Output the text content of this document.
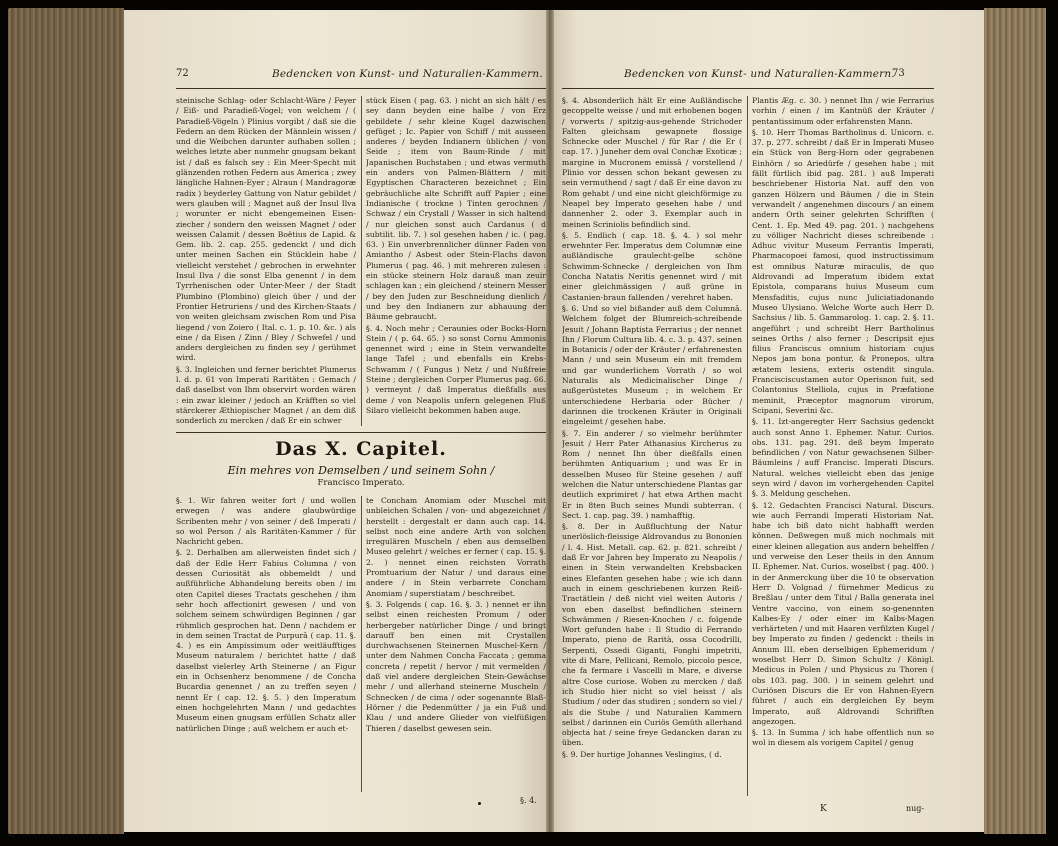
72	Bedencken von Kunst- und Naturalien-Kammern.

steinische Schlag- oder Schlacht-Wäre / Feyer / Eiß- und Paradieß-Vogel; von welchem / ( Paradieß-Vögeln ) Plinius vorgibt / daß sie die Federn an dem Rücken der Männlein wissen / und die Weibchen darunter aufhaben sollen ; welches letzte aber nunmehr gnugsam bekant ist / daß es falsch sey : Ein Meer-Specht mit glänzenden rothen Federn aus America ; zwey längliche Hahnen-Eyer ; Alraun ( Mandragoræ radix ) beyderley Gattung von Natur gebildet / wers glauben will ; Magnet auß der Insul Ilva ; worunter er nicht ebengemeinen Eisen-ziecher / sondern den weissen Magnet / oder weissen Calamit / dessen Boëtius de Lapid. & Gem. lib. 2. cap. 255. gedenckt / und dich unter meinen Sachen ein Stücklein habe / vielleicht verstehet / gebrochen in erwehnter Insul Ilva / die sonst Elba genennt / in dem Tyrrhenischen oder Unter-Meer / der Stadt Plumbino (Plombino) gleich über / und der Frontier Hetruriens / und des Kirchen-Staats / von weiten gleichsam zwischen Rom und Pisa liegend / von Zoiero ( Ital. c. 1. p. 10. &c. ) als eine / da Eisen / Zinn / Bley / Schwefel / und anders dergleichen zu finden sey / gerühmet wird.

§. 3. Ingleichen und ferner berichtet Plumerus l. d. p. 61 von Imperati Raritäten : Gemach / daß daselbst von Ihm observirt worden wären : ein zwar kleiner / jedoch an Kräfften so viel stärckerer Æthiopischer Magnet / an dem diß sonderlich zu mercken / daß Er ein schwer

stück Eisen ( pag. 63. ) nicht an sich hält / es sey dann beyden eine halbe / von Erz gebildete / sehr kleine Kugel dazwischen gefüget ; Ic. Papier von Schiff / mit ausseen anderes / beyden Indianern üblichen / von Seide ; item von Baum-Rinde / mit Japanischen Buchstaben ; und etwas vermuth ein anders von Palmen-Blättern / mit Egyptischen Characteren bezeichnet ; Ein gebräuchliche alte Schrifft auff Papier ; eine Indianische ( trockne ) Tinten gerochnen / Schwaz / ein Crystall / Wasser in sich haltend / nur gleichen sonst auch Cardanus ( d subtilit. lib. 7. ) sol gesehen haben / ic. ( pag. 63. ) Ein unverbrennlicher dünner Faden von Amiantho / Asbest oder Stein-Flachs davon Plumerus ( pag. 46. ) mit mehreren zulesen : ein stücke steinern Holz darauß man zeuir schlagen kan ; ein gleichend / steinern Messer / bey den Juden zur Beschneidung dienlich / und bey den Indianern zur abhauung der Bäume gebraucht.

§. 4. Noch mehr ; Ceraunies oder Bocks-Horn Stein / ( p. 64. 65. ) so sonst Cornu Ammonis genennet wird ; eine in Stein verwandelte lange Tafel ; und ebenfalls ein Krebs-Schwamm / ( Fungus ) Netz / und Nußfreie Steine ; dergleichen Corper Plumerus pag. 66. ) vermeynt / daß Imperatus dießfalls aus deme / von Neapolis unfern gelegenen Fluß Silaro vielleicht bekommen haben auge.

Das X. Capitel.
Ein mehres von Demselben / und seinem Sohn /
Francisco Imperato.

§. 1. Wir fahren weiter fort / und wollen erwegen / was andere glaubwürdige Scribenten mehr / von seiner / deß Imperati / so wol Person / als Raritäten-Kammer / für Nachricht geben.

§. 2. Derhalben am allerweisten findet sich / daß der Edle Herr Fabius Columna / von dessen Curiosität als obbemeldt / und außführliche Abhandelung bereits oben / im oten Capitel dieses Tractats geschehen / ihm sehr hoch affectionirt gewesen / und von solchem seinem schwürdigen Beginnen / gar rühmlich gesprochen hat. Denn / nachdem er in dem seinen Tractat de Purpurâ ( cap. 11. §. 4. ) es ein Ampissimum oder weitläufftiges Museum naturalem / berichtet hatte / daß daselbst vielerley Arth Steinerne / an Figur ein in Ochsenherz benommene / de Concha Bucardia genennet / an zu treffen seyen / nennt Er ( cap. 12. §. 5. ) den Imperatum einen hochgelehrten Mann / und gedachtes Museum einen gnugsam erfüllen Schatz aller natürlichen Dinge ; auß welchem er auch et-

te Concham Anomiam oder Muschel mit unbleichen Schalen / von- und abgezeichnet / herstellt : dergestalt er dann auch cap. 14. selbst noch eine andere Arth von solchen irregulären Muscheln / eben aus demselben Museo gelehrt / welches er ferner ( cap. 15. §. 2. ) nennet einen reichsten Vorrath Promtuarium der Natur / und daraus eine andere / in Stein verbarrete Concham Anomiam / superstiatam / beschreibet.

§. 3. Folgends ( cap. 16. §. 3. ) nennet er ihn selbst einen reichesten Promum / oder herbergeber natürlicher Dinge / und bringt darauff ben einen mit Crystallen durchwachsenen Steinernen Muschel-Kern / unter dem Nahmen Concha Faccata ; gemma concreta / repetit / hervor / mit vermelden / daß viel andere dergleichen Stein-Gewächse mehr / und allerhand steinerne Muscheln / Schnecken / de cima / oder sogenannte Blaß-Hörner / die Pedenmütter / ja ein Fuß und Klau / und andere Glieder von vielfüßigen Thieren / daselbst gewesen sein.

§. 4.
Bedencken von Kunst- und Naturalien-Kammern.
73

§. 4. Absonderlich hält Er eine Außländische gecoppelte weisse / und mit erhobenen bogen / vorwerts / spitzig-aus-gehende Strichoder Falten gleichsam gewapnete flossige Schnecke oder Muschel / für Rar / die Er ( cap. 17. ) Juneher dem oval Conchæ Exoticæ ; margine in Mucronem emissâ / vorstellend / Plinio vor dessen schon bekant gewesen zu sein vermuthend / sagt / daß Er eine davon zu Rom gehabt / und eine nicht gleichförmige zu Neapel bey Imperato gesehen habe / und dannenher 2. oder 3. Exemplar auch in meinen Scriniolis befindlich sind.

§. 5. Endlich ( cap. 18. §. 4. ) sol mehr erwehnter Fer. Imperatus dem Columnæ eine außländische graulecht-gelbe schöne Schwimm-Schnecke / dergleichen von Ihm Concha Natatis Neritis genennet wird / mit einer gleichmässigen / auß grüne in Castanien-braun fallenden / verehret haben.

§. 6. Und so viel bißander auß dem Columnâ. Welchem folget der Blumreich-schreibende Jesuit / Johann Baptista Ferrarius ; der nennet Ihn / Florum Cultura lib. 4. c. 3. p. 437. seinen in Botanicis / oder der Kräuter / erfahrenesten Mann / und sein Museum ein mit fremdem und gar wunderlichem Vorrath / so wol Naturalis als Medicinalischer Dinge / außgerüstetes Museum ; in welchem Er unterschiedene Herbaria oder Bücher / darinnen die trockenen Kräuter in Originali eingeleimt / gesehen habe.

§. 7. Ein anderer / so vielmehr berühmter Jesuit / Herr Pater Athanasius Kircherus zu Rom / nennet Ihn über dießfalls einen berühmten Antiquarium ; und was Er in desselben Museo für Steine gesehen / auff welchen die Natur unterschiedene Plantas gar deutlich exprimiret / hat etwa Arthen macht Er in 8ten Buch seines Mundi subterran. ( Sect. 1. cap. pag. 39. ) namhafftig.

§. 8. Der in Außfluchtung der Natur unerlöslich-fleissige Aldrovandus zu Bononien / l. 4. Hist. Metall. cap. 62. p. 821. schreibt / daß Er vor Jahren bey Imperato zu Neapolis / einen in Stein verwandelten Krebsbacken eines Elefanten gesehen habe ; wie ich dann auch in einem geschriebenen kurzen Reiß-Tractätlein / deß nicht viel weiten Autoris / von eben daselbst befindlichen steinern Schwämmen / Riesen-Knochen / c. folgende Wort gefunden habe : Il Studio di Ferrando Imperato, pieno de Rarità, ossa Cocodrilli, Serpenti, Ossedi Giganti, Fonghi impetriti, vite di Mare, Pellicani, Remolo, piccolo pesce, che fa fermare i Vascelli in Mare, e diverse altre Cose curiose. Woben zu mercken / daß ich Studio hier nicht so viel heisst / als Studium / oder das studiren ; sondern so viel / als die Stube / und Naturalien Kammern selbst / darinnen ein Curiös Gemüth allerhand objecta hat / seine freye Gedancken daran zu üben.

§. 9. Der hurtige Johannes Veslingius, ( d.

Plantis Æg. c. 30. ) nennet Ihn / wie Ferrarius vorhin / einen / im Kantnüß der Kräuter / pentantissimum oder erfahrensten Mann.

§. 10. Herr Thomas Bartholinus d. Unicorn. c. 37. p. 277. schreibt / daß Er in Imperati Museo ein Stück von Berg-Horn oder gegrabenen Einhörn / so Ariedürfe / gesehen habe ; mit fällt fürtlich ibid pag. 281. ) auß Imperati beschriebener Historia Nat. auff den von ganzen Hölzern und Bäumen / die in Stein verwandelt / angenehmen discours / an einem andern Orth seiner gelehrten Schrifften ( Cent. 1. Ep. Med 49. pag. 201. ) nachgehens zu völliger Nachricht dieses schreibende : Adhuc vivitur Museum Ferrantis Imperati, Pharmacopoei famosi, quod instructissimum est omnibus Naturæ miraculis, de quo Aldrovandi ad Imperatum ibidem extat Epistola, comparans huius Museum cum Mensfaditis, cujus nunc Juliciatiadonando Museo Ulysiano. Welche Worte auch Herr D. Sachsius / lib. 5. Gammarolog. 1. cap. 2. §. 11. angeführt ; und schreibt Herr Bartholinus seines Orths / also ferner ; Descripsit ejus filius Franciscus omnium historiam cujus Nepos jam bona pontur, & Pronepos, ultra ætatem lesiens, exteris ostendit singula. Francisciscustamen autor Operisnon fuit, sed Colantonius Stelliola, cujus in Præfatione meminit, Præceptor magnorum virorum, Scipani, Severini &c.

§. 11. Izt-angeregter Herr Sachsius gedenckt auch sonst Anno 1. Ephemer. Natur. Curios. obs. 131. pag. 291. deß beym Imperato befindlichen / von Natur gewachsenen Silber-Bäumleins / auff Francisc. Imperati Discurs. Natural. welches vielleicht eben das jenige seyn wird / davon im vorhergehenden Capitel §. 3. Meldung geschehen.

§. 12. Gedachten Francisci Natural. Discurs. wie auch Ferrandi Imperati Historiam Nat. habe ich biß dato nicht habhafft werden können. Deßwegen muß mich nochmals mit einer kleinen allegation aus andern behelffen / und verweise den Leser theils in den Annum II. Ephemer. Nat. Curios. woselbst ( pag. 400. ) in der Anmerckung über die 10 te observation Herr D. Volgnad / fürnehmer Medicus zu Breßlau / unter dem Titul / Balla generata inel Ventre vaccino, von einem so-genennten Kalbes-Ey / oder einer im Kalbs-Magen verhärteten / und mit Haaren verfilzten Kugel / bey Imperato zu finden / gedenckt : theils in Annum III. eben derselbigen Ephemeridum / woselbst Herr D. Simon Schultz / Königl. Medicus in Polen / und Physicus zu Thoren ( obs 103. pag. 300. ) in seinem gelehrt und Curiösen Discurs die Er von Hahnen-Eyern führet / auch ein dergleichen Ey beym Imperato, auß Aldrovandi Schrifften angezogen.

§. 13. In Summa / ich habe offentlich nun so wol in diesem als vorigem Capitel / genug

K	nug-
